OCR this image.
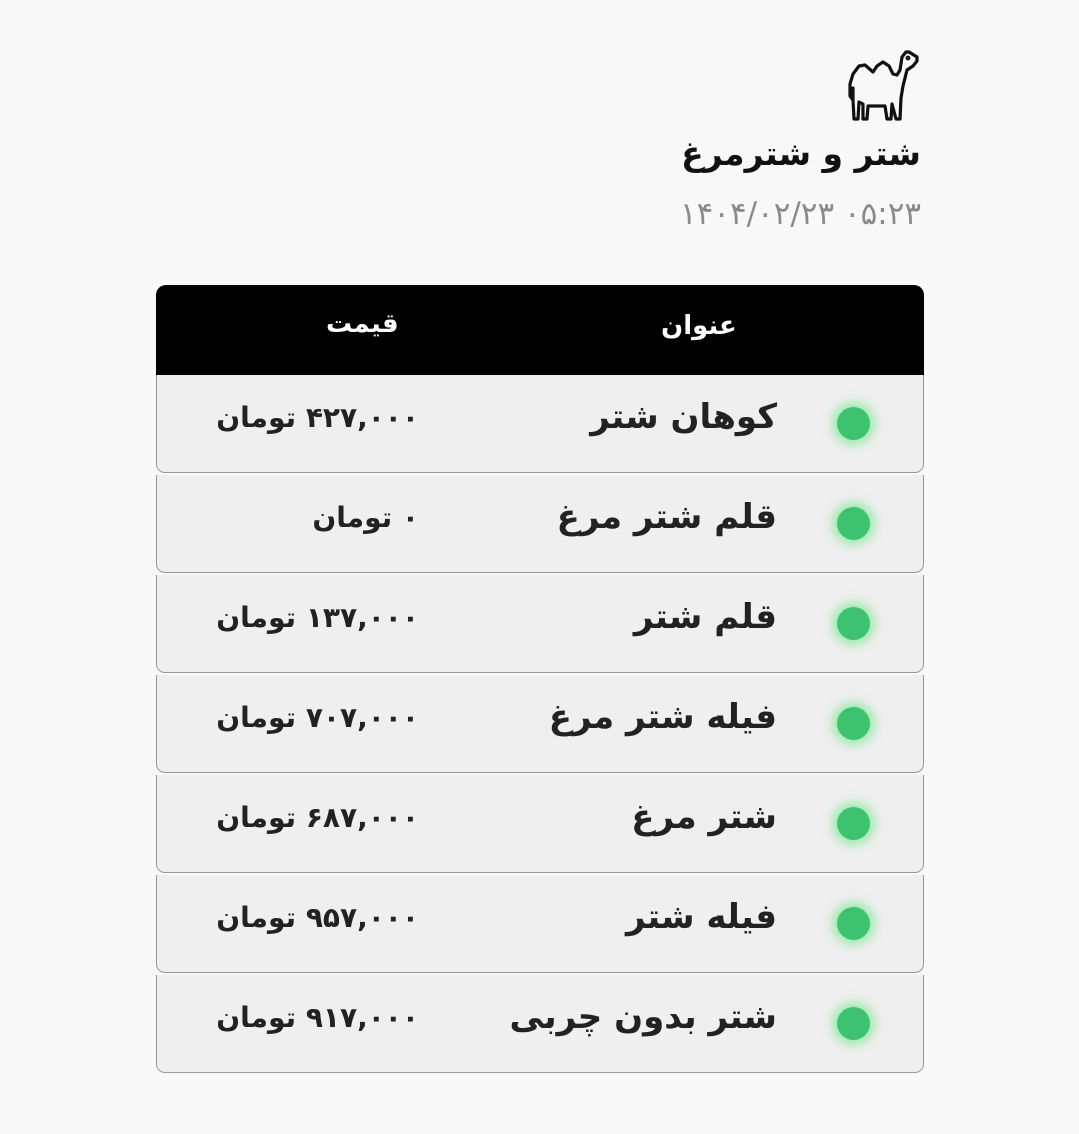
شتر و شترمرغ
۰۵:۲۳ ۱۴۰۴/۰۲/۲۳
عنوان
قیمت
کوهان شتر
۴۲۷,۰۰۰ تومان
قلم شتر مرغ
۰ تومان
قلم شتر
۱۳۷,۰۰۰ تومان
فیله شتر مرغ
۷۰۷,۰۰۰ تومان
شتر مرغ
۶۸۷,۰۰۰ تومان
فیله شتر
۹۵۷,۰۰۰ تومان
شتر بدون چربی
۹۱۷,۰۰۰ تومان
